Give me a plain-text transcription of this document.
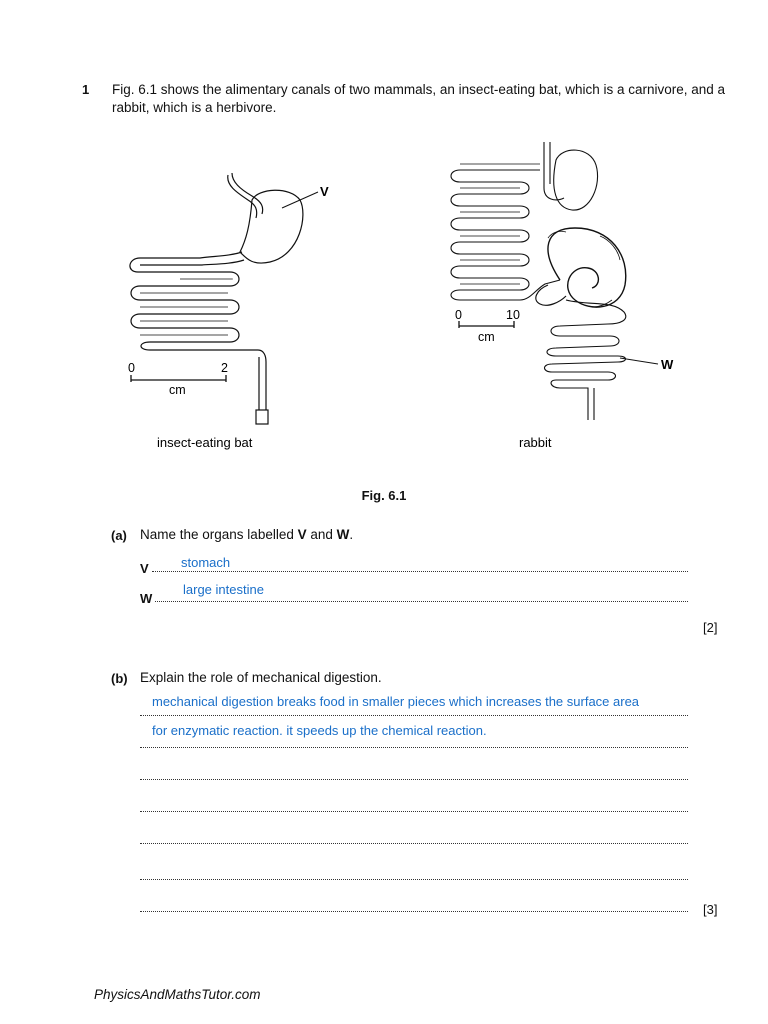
1 Fig. 6.1 shows the alimentary canals of two mammals, an insect-eating bat, which is a carnivore, and a rabbit, which is a herbivore.
V
0	2
cm
insect-eating bat
W
0	10
cm
rabbit
Fig. 6.1
(a) Name the organs labelled V and W.
V stomach
W
large intestine
[2]
(b) Explain the role of mechanical digestion.
mechanical digestion breaks food in smaller pieces which increases the surface area
for enzymatic reaction. it speeds up the chemical reaction.
[3]
PhysicsAndMathsTutor.com
